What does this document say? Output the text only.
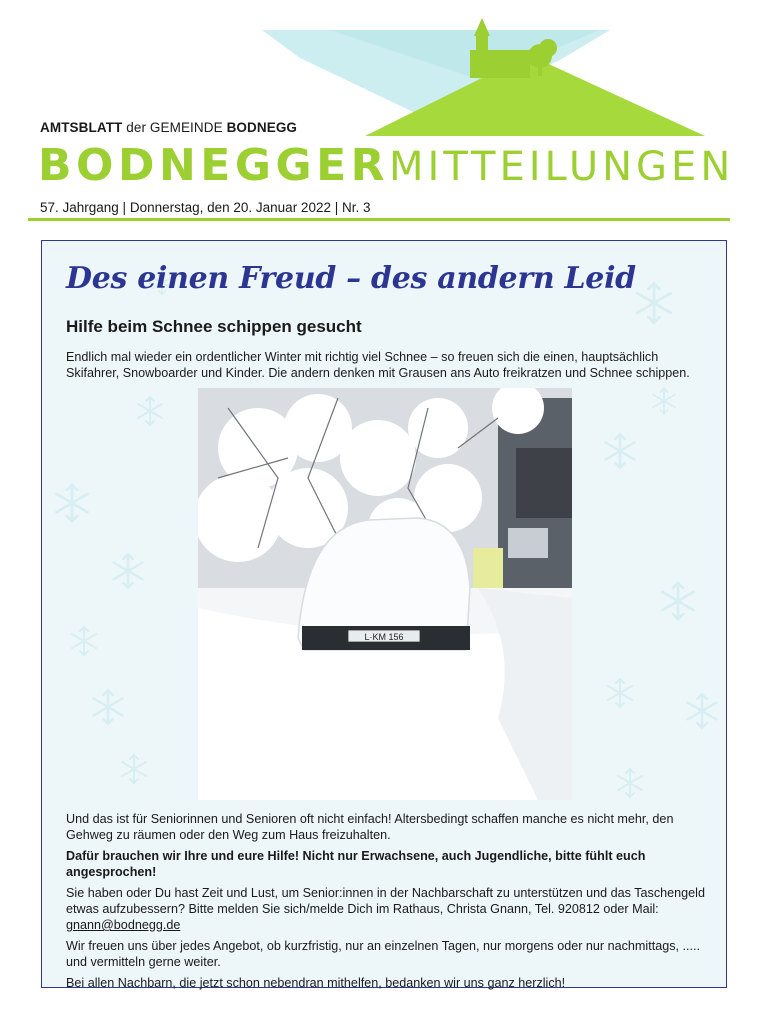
AMTSBLATT der GEMEINDE BODNEGG
BODNEGGERMITTEILUNGEN
57. Jahrgang | Donnerstag, den 20. Januar 2022 | Nr. 3
Des einen Freud – des andern Leid
Hilfe beim Schnee schippen gesucht
Endlich mal wieder ein ordentlicher Winter mit richtig viel Schnee – so freuen sich die einen, hauptsächlich Skifahrer, Snowboarder und Kinder. Die andern denken mit Grausen ans Auto freikratzen und Schnee schippen.
L·KM 156

Und das ist für Seniorinnen und Senioren oft nicht einfach! Altersbedingt schaffen manche es nicht mehr, den Gehweg zu räumen oder den Weg zum Haus freizuhalten.

Dafür brauchen wir Ihre und eure Hilfe! Nicht nur Erwachsene, auch Jugendliche, bitte fühlt euch angesprochen!

Sie haben oder Du hast Zeit und Lust, um Senior:innen in der Nachbarschaft zu unterstützen und das Taschengeld etwas aufzubessern? Bitte melden Sie sich/melde Dich im Rathaus, Christa Gnann, Tel. 920812 oder Mail: gnann@bodnegg.de

Wir freuen uns über jedes Angebot, ob kurzfristig, nur an einzelnen Tagen, nur morgens oder nur nachmittags, ..... und vermitteln gerne weiter.

Bei allen Nachbarn, die jetzt schon nebendran mithelfen, bedanken wir uns ganz herzlich!
